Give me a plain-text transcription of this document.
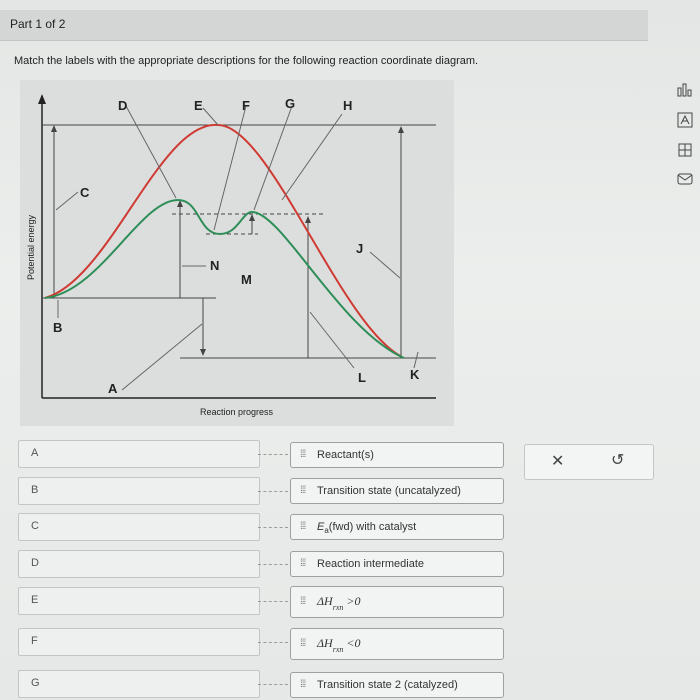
Part 1 of 2
Match the labels with the appropriate descriptions for the following reaction coordinate diagram.
Potential energy
Reaction progress
D	E	F	G	H
C
B
A
N
M
J
L	K
A
B
C
D
E
F
G
⁞⁞⁞ Reactant(s)
⁞⁞⁞ Transition state (uncatalyzed)
⁞⁞⁞ $E_a(fwd)$ with catalyst
⁞⁞⁞ Reaction intermediate
⁞⁞⁞ $\Delta H_{rxn} >0$
⁞⁞⁞ $\Delta H_{rxn} <0$
⁞⁞⁞ Transition state 2 (catalyzed)
✕	↺
